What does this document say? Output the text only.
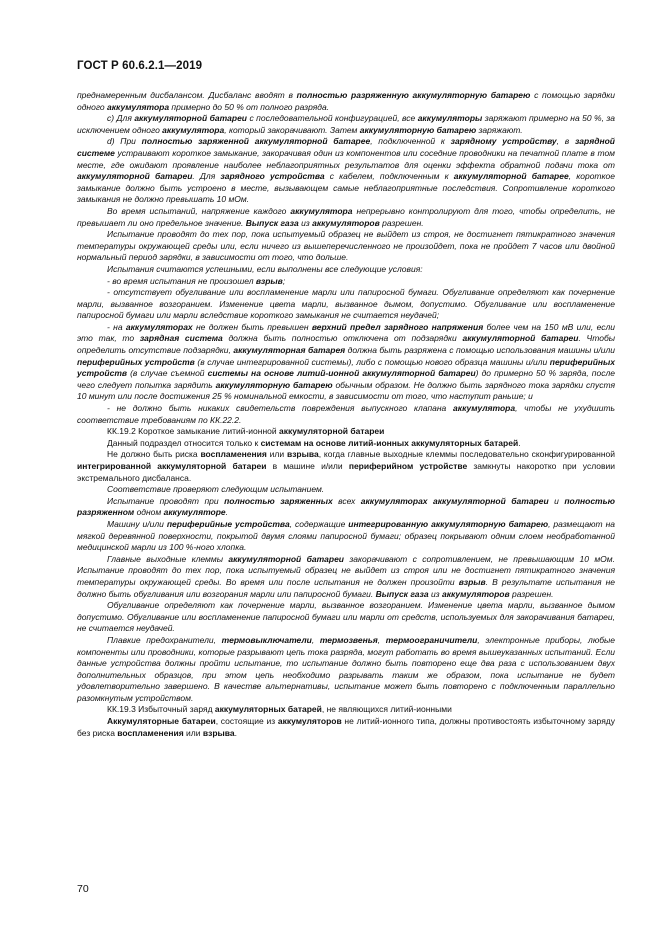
ГОСТ Р 60.6.2.1—2019

преднамеренным дисбалансом. Дисбаланс вводят в полностью разряженную аккумуляторную батарею с помощью зарядки одного аккумулятора примерно до 50 % от полного разряда.

c) Для аккумуляторной батареи с последовательной конфигурацией, все аккумуляторы заряжают примерно на 50 %, за исключением одного аккумулятора, который закорачивают. Затем аккумуляторную батарею заряжают.

d) При полностью заряженной аккумуляторной батарее, подключенной к зарядному устройству, в зарядной системе устраивают короткое замыкание, закорачивая один из компонентов или соседние проводники на печатной плате в том месте, где ожидают проявление наиболее неблагоприятных результатов для оценки эффекта обратной подачи тока от аккумуляторной батареи. Для зарядного устройства с кабелем, подключенным к аккумуляторной батарее, короткое замыкание должно быть устроено в месте, вызывающем самые неблагоприятные последствия. Сопротивление короткого замыкания не должно превышать 10 мОм.

Во время испытаний, напряжение каждого аккумулятора непрерывно контролируют для того, чтобы определить, не превышает ли оно предельное значение. Выпуск газа из аккумуляторов разрешен.

Испытание проводят до тех пор, пока испытуемый образец не выйдет из строя, не достигнет пятикратного значения температуры окружающей среды или, если ничего из вышеперечисленного не произойдет, пока не пройдет 7 часов или двойной нормальный период зарядки, в зависимости от того, что дольше.

Испытания считаются успешными, если выполнены все следующие условия:

- во время испытания не произошел взрыв;

- отсутствует обугливание или воспламенение марли или папиросной бумаги. Обугливание определяют как почернение марли, вызванное возгоранием. Изменение цвета марли, вызванное дымом, допустимо. Обугливание или воспламенение папиросной бумаги или марли вследствие короткого замыкания не считается неудачей;

- на аккумуляторах не должен быть превышен верхний предел зарядного напряжения более чем на 150 мВ или, если это так, то зарядная система должна быть полностью отключена от подзарядки аккумуляторной батареи. Чтобы определить отсутствие подзарядки, аккумуляторная батарея должна быть разряжена с помощью использования машины и/или периферийных устройств (в случае интегрированной системы), либо с помощью нового образца машины и/или периферийных устройств (в случае съемной системы на основе литий-ионной аккумуляторной батареи) до примерно 50 % заряда, после чего следует попытка зарядить аккумуляторную батарею обычным образом. Не должно быть зарядного тока зарядки спустя 10 минут или после достижения 25 % номинальной емкости, в зависимости от того, что наступит раньше; и

- не должно быть никаких свидетельств повреждения выпускного клапана аккумулятора, чтобы не ухудшить соответствие требованиям по КК.22.2.

КК.19.2 Короткое замыкание литий-ионной аккумуляторной батареи

Данный подраздел относится только к системам на основе литий-ионных аккумуляторных батарей.

Не должно быть риска воспламенения или взрыва, когда главные выходные клеммы последовательно сконфигурированной интегрированной аккумуляторной батареи в машине и/или периферийном устройстве замкнуты накоротко при условии экстремального дисбаланса.

Соответствие проверяют следующим испытанием.

Испытание проводят при полностью заряженных всех аккумуляторах аккумуляторной батареи и полностью разряженном одном аккумуляторе.

Машину и/или периферийные устройства, содержащие интегрированную аккумуляторную батарею, размещают на мягкой деревянной поверхности, покрытой двумя слоями папиросной бумаги; образец покрывают одним слоем необработанной медицинской марли из 100 %-ного хлопка.

Главные выходные клеммы аккумуляторной батареи закорачивают с сопротивлением, не превышающим 10 мОм. Испытание проводят до тех пор, пока испытуемый образец не выйдет из строя или не достигнет пятикратного значения температуры окружающей среды. Во время или после испытания не должен произойти взрыв. В результате испытания не должно быть обугливания или возгорания марли или папиросной бумаги. Выпуск газа из аккумуляторов разрешен.

Обугливание определяют как почернение марли, вызванное возгоранием. Изменение цвета марли, вызванное дымом допустимо. Обугливание или воспламенение папиросной бумаги или марли от средств, используемых для закорачивания батареи, не считается неудачей.

Плавкие предохранители, термовыключатели, термозвенья, термоограничители, электронные приборы, любые компоненты или проводники, которые разрывают цепь тока разряда, могут работать во время вышеуказанных испытаний. Если данные устройства должны пройти испытание, то испытание должно быть повторено еще два раза с использованием двух дополнительных образцов, при этом цепь необходимо разрывать таким же образом, пока испытание не будет удовлетворительно завершено. В качестве альтернативы, испытание может быть повторено с подключенным параллельно разомкнутым устройством.

КК.19.3 Избыточный заряд аккумуляторных батарей, не являющихся литий-ионными

Аккумуляторные батареи, состоящие из аккумуляторов не литий-ионного типа, должны противостоять избыточному заряду без риска воспламенения или взрыва.

70
